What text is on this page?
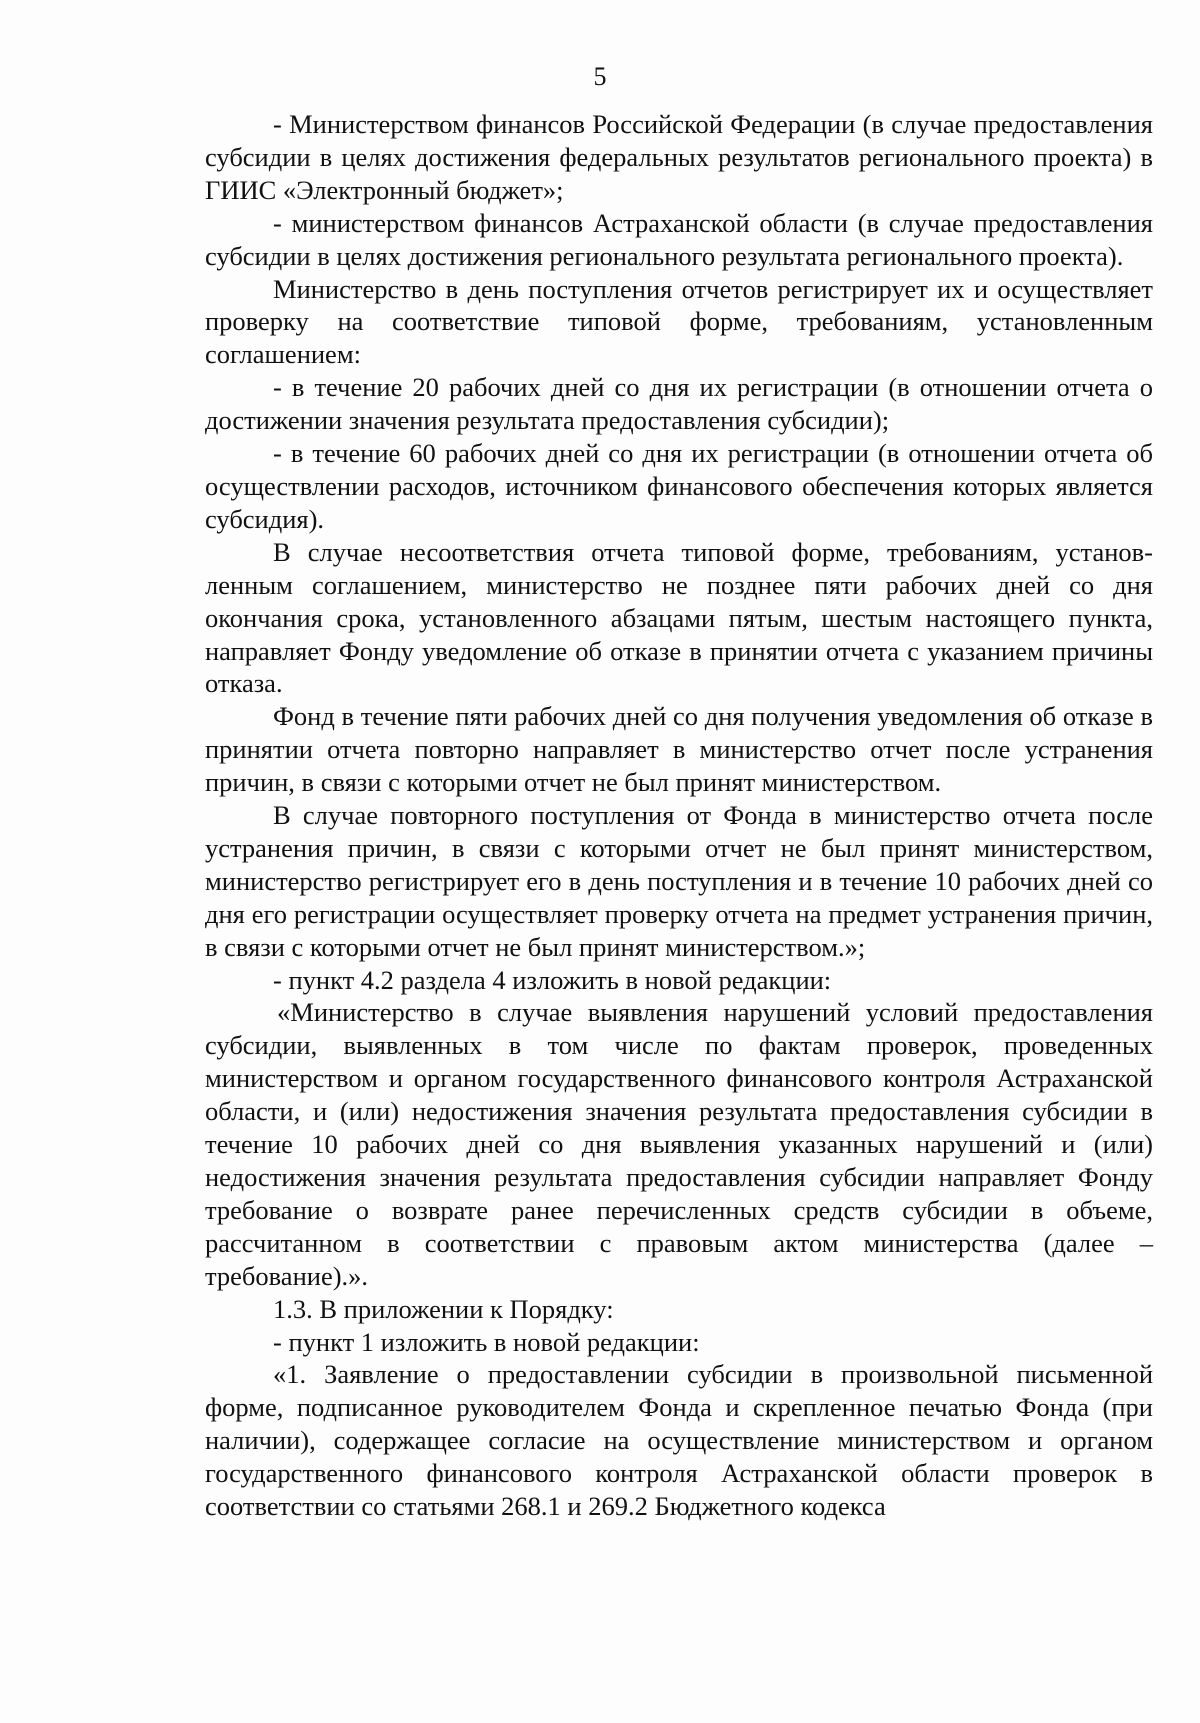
5

- Министерством финансов Российской Федерации (в случае предоставления субсидии в целях достижения федеральных результатов регионального проекта) в ГИИС «Электронный бюджет»;

- министерством финансов Астраханской области (в случае предоставления субсидии в целях достижения регионального результата регионального проекта).

Министерство в день поступления отчетов регистрирует их и осуществляет проверку на соответствие типовой форме, требованиям, установленным соглашением:

- в течение 20 рабочих дней со дня их регистрации (в отношении отчета о достижении значения результата предоставления субсидии);

- в течение 60 рабочих дней со дня их регистрации (в отношении отчета об осуществлении расходов, источником финансового обеспечения которых является субсидия).

В случае несоответствия отчета типовой форме, требованиям, установленным соглашением, министерство не позднее пяти рабочих дней со дня окончания срока, установленного абзацами пятым, шестым настоящего пункта, направляет Фонду уведомление об отказе в принятии отчета с указанием причины отказа.

Фонд в течение пяти рабочих дней со дня получения уведомления об отказе в принятии отчета повторно направляет в министерство отчет после устранения причин, в связи с которыми отчет не был принят министерством.

В случае повторного поступления от Фонда в министерство отчета после устранения причин, в связи с которыми отчет не был принят министерством, министерство регистрирует его в день поступления и в течение 10 рабочих дней со дня его регистрации осуществляет проверку отчета на предмет устранения причин, в связи с которыми отчет не был принят министерством.»;

- пункт 4.2 раздела 4 изложить в новой редакции:

«Министерство в случае выявления нарушений условий предоставления субсидии, выявленных в том числе по фактам проверок, проведенных министерством и органом государственного финансового контроля Астраханской области, и (или) недостижения значения результата предоставления субсидии в течение 10 рабочих дней со дня выявления указанных нарушений и (или) недостижения значения результата предоставления субсидии направляет Фонду требование о возврате ранее перечисленных средств субсидии в объеме, рассчитанном в соответствии с правовым актом министерства (далее – требование).».

1.3. В приложении к Порядку:

- пункт 1 изложить в новой редакции:

«1. Заявление о предоставлении субсидии в произвольной письменной форме, подписанное руководителем Фонда и скрепленное печатью Фонда (при наличии), содержащее согласие на осуществление министерством и органом государственного финансового контроля Астраханской области проверок в соответствии со статьями 268.1 и 269.2 Бюджетного кодекса
